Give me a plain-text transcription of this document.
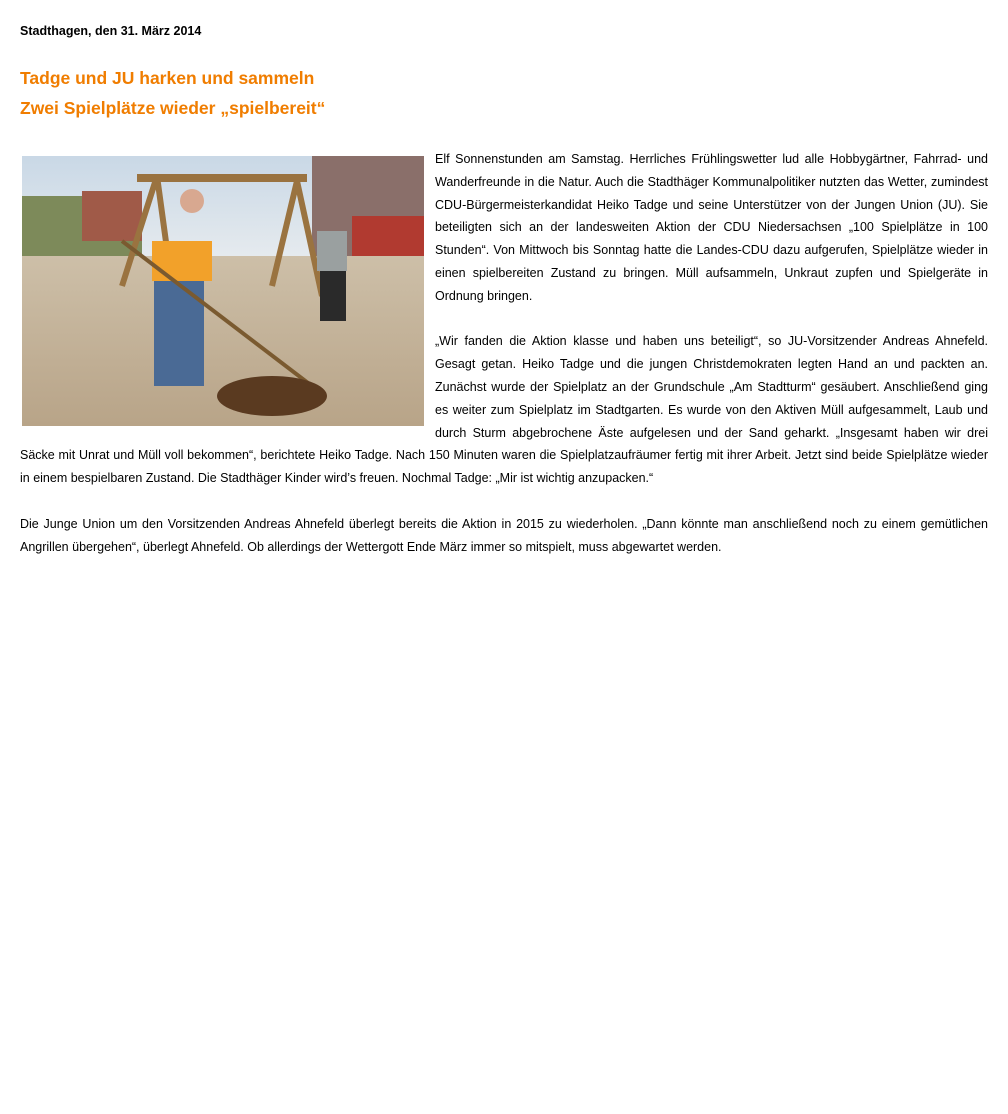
Stadthagen, den 31. März 2014
Tadge und JU harken und sammeln
Zwei Spielplätze wieder „spielbereit“

Elf Sonnenstunden am Samstag. Herrliches Frühlingswetter lud alle Hobbygärtner, Fahrrad- und Wanderfreunde in die Natur. Auch die Stadthäger Kommunalpolitiker nutzten das Wetter, zumindest CDU-Bürgermeisterkandidat Heiko Tadge und seine Unterstützer von der Jungen Union (JU). Sie beteiligten sich an der landesweiten Aktion der CDU Niedersachsen „100 Spielplätze in 100 Stunden“. Von Mittwoch bis Sonntag hatte die Landes-CDU dazu aufgerufen, Spielplätze wieder in einen spielbereiten Zustand zu bringen. Müll aufsammeln, Unkraut zupfen und Spielgeräte in Ordnung bringen.

„Wir fanden die Aktion klasse und haben uns beteiligt“, so JU-Vorsitzender Andreas Ahnefeld. Gesagt getan. Heiko Tadge und die jungen Christdemokraten legten Hand an und packten an. Zunächst wurde der Spielplatz an der Grundschule „Am Stadtturm“ gesäubert. Anschließend ging es weiter zum Spielplatz im Stadtgarten. Es wurde von den Aktiven Müll aufgesammelt, Laub und durch Sturm abgebrochene Äste aufgelesen und der Sand geharkt. „Insgesamt haben wir drei Säcke mit Unrat und Müll voll bekommen“, berichtete Heiko Tadge. Nach 150 Minuten waren die Spielplatzaufräumer fertig mit ihrer Arbeit. Jetzt sind beide Spielplätze wieder in einem bespielbaren Zustand. Die Stadthäger Kinder wird’s freuen. Nochmal Tadge: „Mir ist wichtig anzupacken.“

Die Junge Union um den Vorsitzenden Andreas Ahnefeld überlegt bereits die Aktion in 2015 zu wiederholen. „Dann könnte man anschließend noch zu einem gemütlichen Angrillen übergehen“, überlegt Ahnefeld. Ob allerdings der Wettergott Ende März immer so mitspielt, muss abgewartet werden.
